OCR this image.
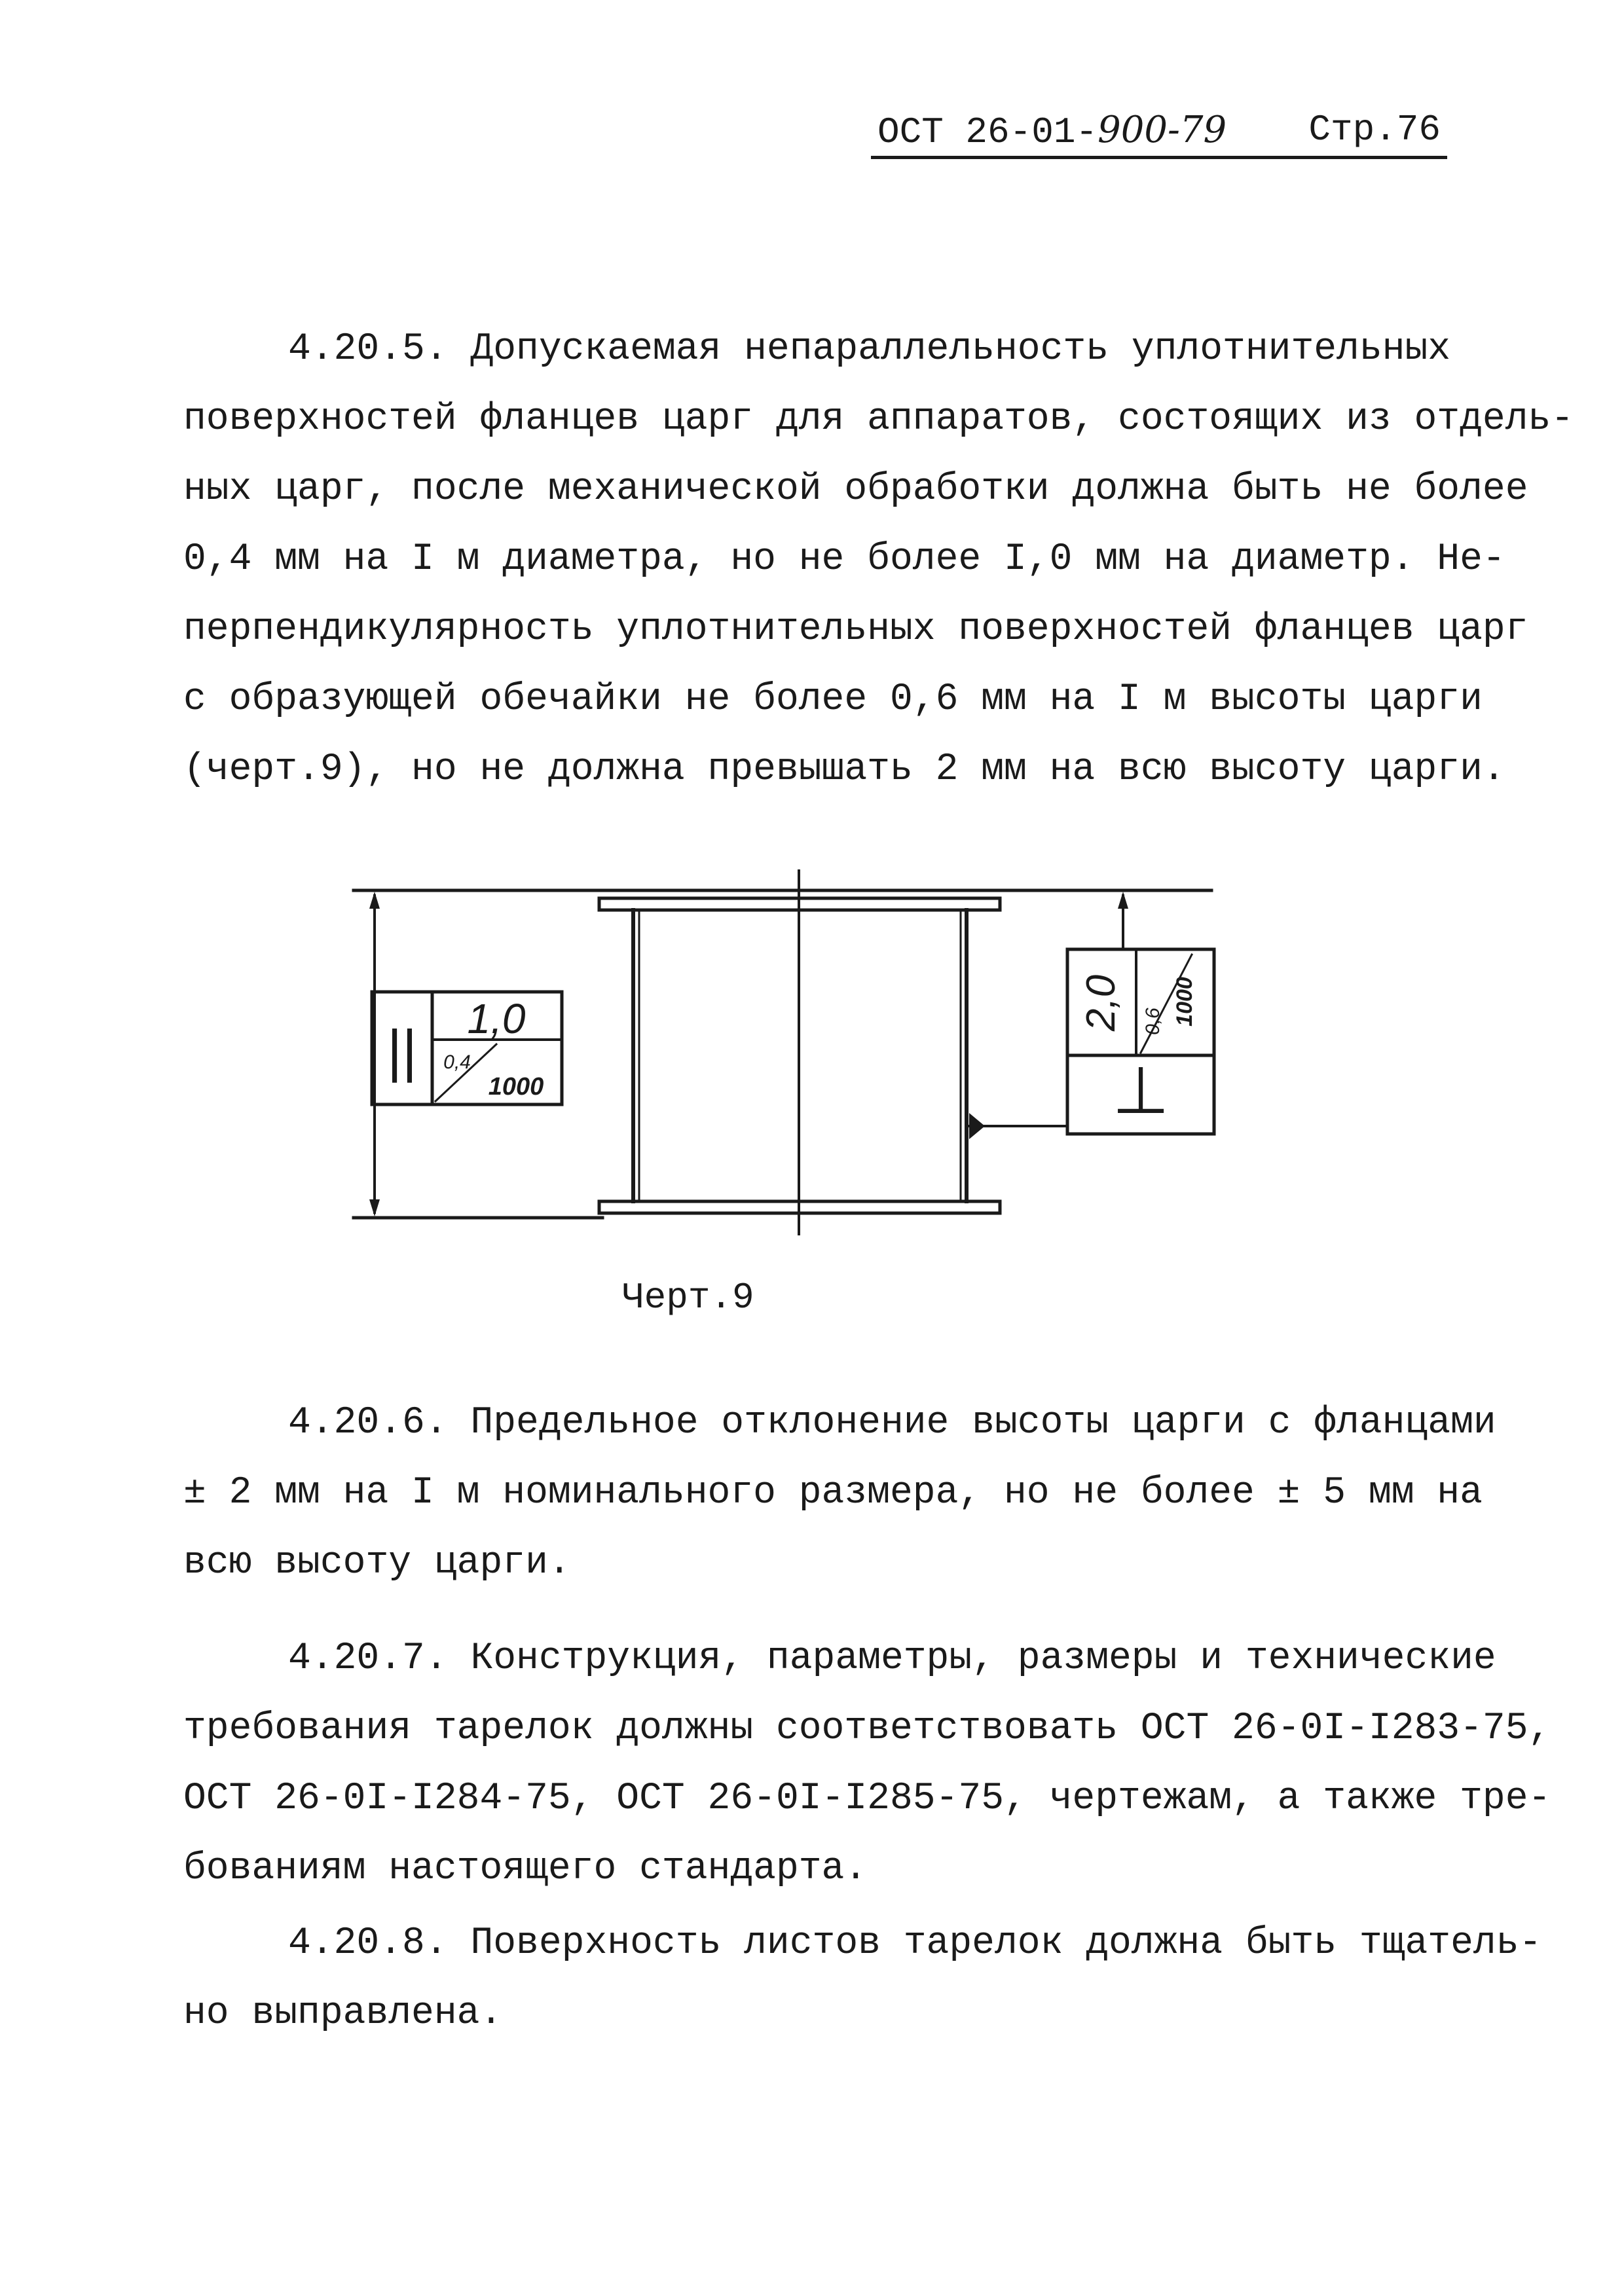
ОСТ 26-01-900-79 Стр.76

4.20.5. Допускаемая непараллельность уплотнительных
поверхностей фланцев царг для аппаратов, состоящих из отдель-
ных царг, после механической обработки должна быть не более
0,4 мм на I м диаметра, но не более I,0 мм на диаметр. Не-
перпендикулярность уплотнительных поверхностей фланцев царг
с образующей обечайки не более 0,6 мм на I м высоты царги
(черт.9), но не должна превышать 2 мм на всю высоту царги.

|| 1,0
0,4
1000	⊥
2,0 0,6 1000
Черт.9

4.20.6. Предельное отклонение высоты царги с фланцами
± 2 мм на I м номинального размера, но не более ± 5 мм на
всю высоту царги.

4.20.7. Конструкция, параметры, размеры и технические
требования тарелок должны соответствовать ОСТ 26-0I-I283-75,
ОСТ 26-0I-I284-75, ОСТ 26-0I-I285-75, чертежам, а также тре-
бованиям настоящего стандарта.

4.20.8. Поверхность листов тарелок должна быть тщатель-
но выправлена.
